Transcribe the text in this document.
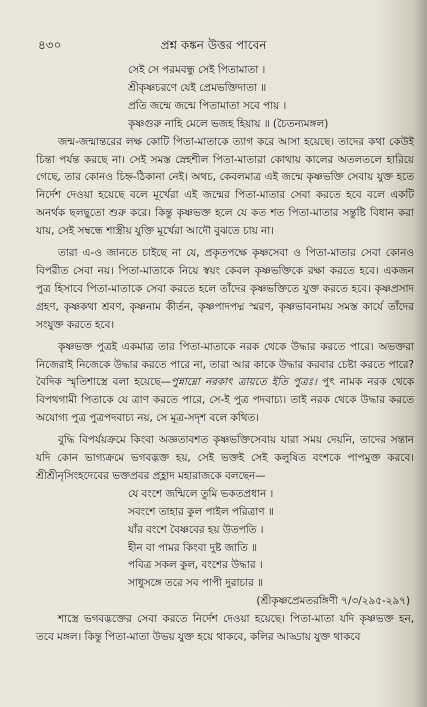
৪৩০	প্রশ্ন কঙ্কন উত্তর পাবেন
সেই সে পরমবন্ধু সেই পিতামাতা ।
শ্রীকৃষ্ণচরণে যেই প্রেমভক্তিদাতা ॥
প্রতি জন্মে জন্মে পিতামাতা সবে পায় ।
কৃষ্ণগুরু নাহি মেলে ভজহ হিয়ায় ॥ (চৈতন্যমঙ্গল)

জন্ম-জন্মান্তরের লক্ষ কোটি পিতা-মাতাকে ত্যাগ করে আসা হয়েছে। তাদের কথা কেউই চিন্তা পর্যন্ত করছে না। সেই সমস্ত স্নেহশীল পিতা-মাতারা কোথায় কালের অতলতলে হারিয়ে গেছে, তার কোনও চিহ্ন-ঠিকানা নেই। অথচ, কেবলমাত্র এই জন্মে কৃষ্ণভক্তি সেবায় যুক্ত হতে নির্দেশ দেওয়া হয়েছে বলে মূর্খেরা এই জন্মের পিতা-মাতার সেবা করতে হবে বলে একটি অনর্থক ছলছুতো শুরু করে। কিন্তু কৃষ্ণভক্ত হলে যে কত শত পিতা-মাতার সন্তুষ্টি বিধান করা যায়, সেই সম্বন্ধে শাস্ত্রীয় যুক্তি মূর্খেরা আদৌ বুঝতে চায় না।

তারা এ-ও জানতে চাইছে না যে, প্রকৃতপক্ষে কৃষ্ণসেবা ও পিতা-মাতার সেবা কোনও বিপরীত সেবা নয়। পিতা-মাতাকে নিয়ে স্বয়ং কেবল কৃষ্ণভক্তিকে রক্ষা করতে হবে। একজন পুত্র হিসাবে পিতা-মাতাকে সেবা করতে হলে তাঁদের কৃষ্ণভক্তিতে যুক্ত করতে হবে। কৃষ্ণপ্রসাদ গ্রহণ, কৃষ্ণকথা শ্রবণ, কৃষ্ণনাম কীর্তন, কৃষ্ণপাদপদ্ম স্মরণ, কৃষ্ণভাবনাময় সমস্ত কার্যে তাঁদের সংযুক্ত করতে হবে।

কৃষ্ণভক্ত পুত্রই একমাত্র তার পিতা-মাতাকে নরক থেকে উদ্ধার করতে পারে। অভক্তরা নিজেরাই নিজেকে উদ্ধার করতে পারে না, তারা আর কাকে উদ্ধার করবার চেষ্টা করতে পারে? বৈদিক স্মৃতিশাস্ত্রে বলা হয়েছে—পুন্নাম্নো নরকাৎ ত্রায়তে ইতি পুত্রঃ। পুৎ নামক নরক থেকে বিপথগামী পিতাকে যে ত্রাণ করতে পারে, সে-ই পুত্র পদবাচ্য। তাই নরক থেকে উদ্ধার করতে অযোগ্য পুত্র পুত্রপদবাচ্য নয়, সে মূত্র-সদৃশ বলে কথিত।

বুদ্ধি বিপর্যয়ক্রমে কিংবা অজ্ঞতাবশত কৃষ্ণভক্তিসেবায় যারা সময় দেয়নি, তাদের সন্তান যদি কোন ভাগ্যক্রমে ভগবদ্ভক্ত হয়, সেই ভক্তই সেই কলুষিত বংশকে পাপমুক্ত করবে। শ্রীশ্রীনৃসিংহদেবের ভক্তপ্রবর প্রহ্লাদ মহারাজকে বলছেন—

যে বংশে জন্মিলে তুমি ভকতপ্রধান ।
সবংশে তাহার কুল পাইল পরিত্রাণ ॥
যাঁর বংশে বৈষ্ণবের হয় উতপতি ।
হীন বা পামর কিংবা দুষ্ট জাতি ॥
পবিত্র সকল কুল, বংশের উদ্ধার ।
সাধুসঙ্গে তরে সব পাপী দুরাচার ॥
(শ্রীকৃষ্ণপ্রেমতরঙ্গিণী ৭/৩/২৯৫-২৯৭)

শাস্ত্রে ভগবদ্ভক্তের সেবা করতে নির্দেশ দেওয়া হয়েছে। পিতা-মাতা যদি কৃষ্ণভক্ত হন, তবে মঙ্গল। কিন্তু পিতা-মাতা উভয় যুক্ত হয়ে থাকবে, কলির আড্ডায় যুক্ত থাকবে
